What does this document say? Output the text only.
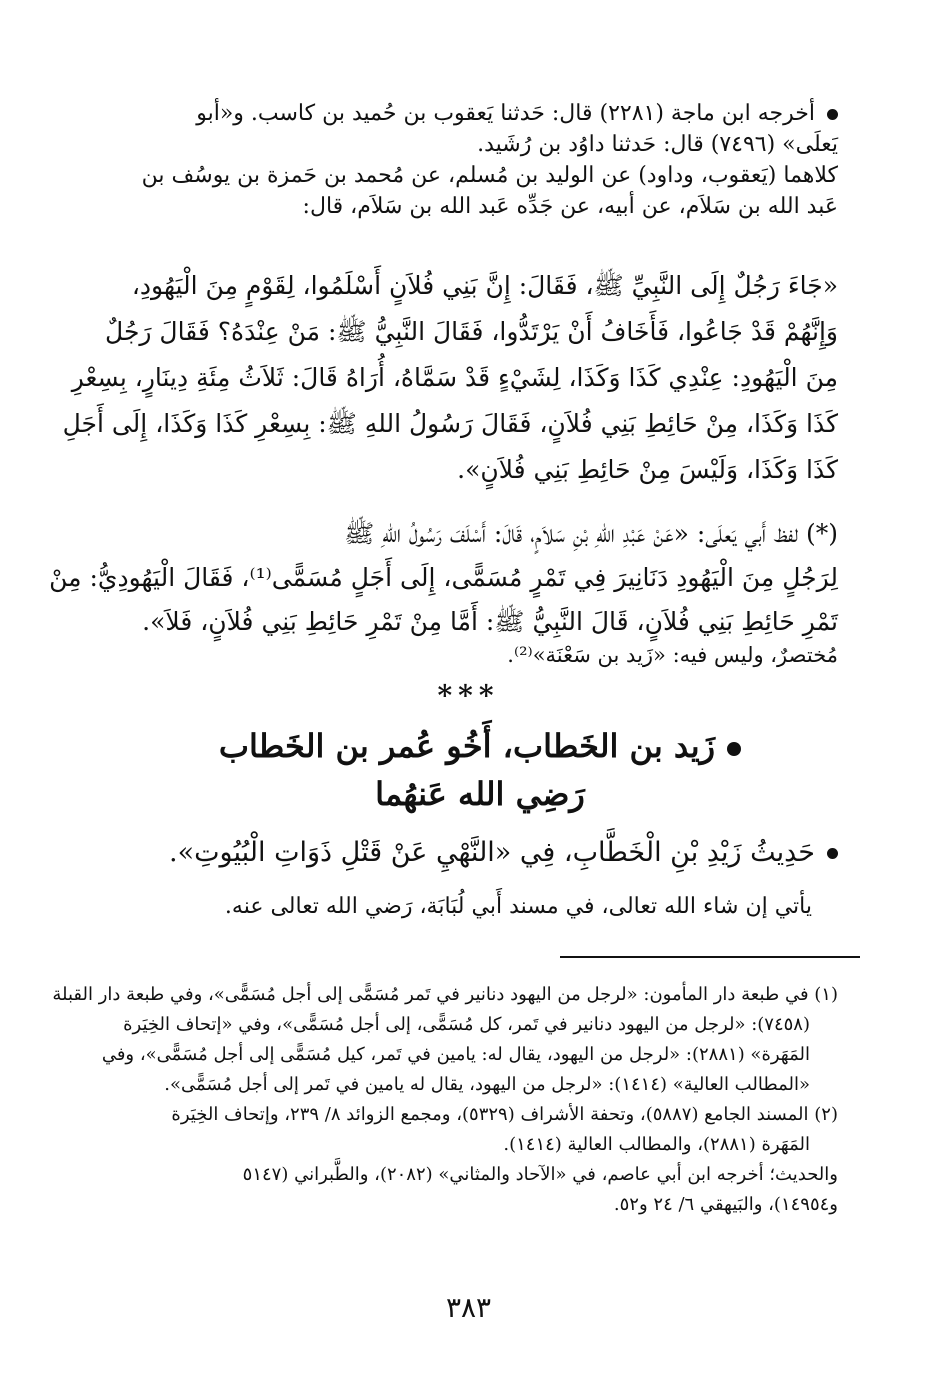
أخرجه ابن ماجة (٢٢٨١) قال: حَدثنا يَعقوب بن حُميد بن كاسب. و«أبو
يَعلَى» (٧٤٩٦) قال: حَدثنا داوُد بن رُشَيد.
كلاهما (يَعقوب، وداود) عن الوليد بن مُسلم، عن مُحمد بن حَمزة بن يوسُف بن
عَبد الله بن سَلاَم، عن أبيه، عن جَدِّه عَبد الله بن سَلاَم، قال:
«جَاءَ رَجُلٌ إِلَى النَّبِيِّ ﷺ، فَقَالَ: إِنَّ بَنِي فُلاَنٍ أَسْلَمُوا، لِقَوْمٍ مِنَ الْيَهُودِ،
وَإِنَّهُمْ قَدْ جَاعُوا، فَأَخَافُ أَنْ يَرْتَدُّوا، فَقَالَ النَّبِيُّ ﷺ: مَنْ عِنْدَهُ؟ فَقَالَ رَجُلٌ
مِنَ الْيَهُودِ: عِنْدِي كَذَا وَكَذَا، لِشَيْءٍ قَدْ سَمَّاهُ، أُرَاهُ قَالَ: ثَلاَثُ مِئَةِ دِينَارٍ، بِسِعْرِ
كَذَا وَكَذَا، مِنْ حَائِطِ بَنِي فُلاَنٍ، فَقَالَ رَسُولُ اللهِ ﷺ: بِسِعْرِ كَذَا وَكَذَا، إِلَى أَجَلِ
كَذَا وَكَذَا، وَلَيْسَ مِنْ حَائِطِ بَنِي فُلاَنٍ».
(*) لفظ أَبي يَعلَى: «عَنْ عَبْدِ اللهِ بْنِ سَلاَمٍ، قَالَ: أَسْلَفَ رَسُولُ اللهِ ﷺ
لِرَجُلٍ مِنَ الْيَهُودِ دَنَانِيرَ فِي تَمْرٍ مُسَمًّى، إِلَى أَجَلٍ مُسَمًّى⁽¹⁾، فَقَالَ الْيَهُودِيُّ: مِنْ
تَمْرِ حَائِطِ بَنِي فُلاَنٍ، قَالَ النَّبِيُّ ﷺ: أَمَّا مِنْ تَمْرِ حَائِطِ بَنِي فُلاَنٍ، فَلاَ».
مُختصرٌ، وليس فيه: «زَيد بن سَعْنَة»⁽²⁾.
***
زَيد بن الخَطاب، أَخُو عُمر بن الخَطاب
رَضِي الله عَنهُما
حَدِيثُ زَيْدِ بْنِ الْخَطَّابِ، فِي «النَّهْيِ عَنْ قَتْلِ ذَوَاتِ الْبُيُوتِ».
يأتي إن شاء الله تعالى، في مسند أَبي لُبَابَة، رَضي الله تعالى عنه.
(١) في طبعة دار المأمون: «لرجل من اليهود دنانير في تَمر مُسَمًّى إلى أجل مُسَمًّى»، وفي طبعة دار القبلة
(٧٤٥٨): «لرجل من اليهود دنانير في تَمر، كل مُسَمًّى، إلى أجل مُسَمًّى»، وفي «إتحاف الخِيَرة
المَهَرة» (٢٨٨١): «لرجل من اليهود، يقال له: يامين في تَمر، كيل مُسَمًّى إلى أجل مُسَمًّى»، وفي
«المطالب العالية» (١٤١٤): «لرجل من اليهود، يقال له يامين في تَمر إلى أجل مُسَمًّى».
(٢) المسند الجامع (٥٨٨٧)، وتحفة الأشراف (٥٣٢٩)، ومجمع الزوائد ٨/ ٢٣٩، وإتحاف الخِيَرة
المَهَرة (٢٨٨١)، والمطالب العالية (١٤١٤).
والحديث؛ أخرجه ابن أبي عاصم، في «الآحاد والمثاني» (٢٠٨٢)، والطَّبراني (٥١٤٧
و١٤٩٥٤)، والبَيهقي ٦/ ٢٤ و٥٢.
٣٨٣
